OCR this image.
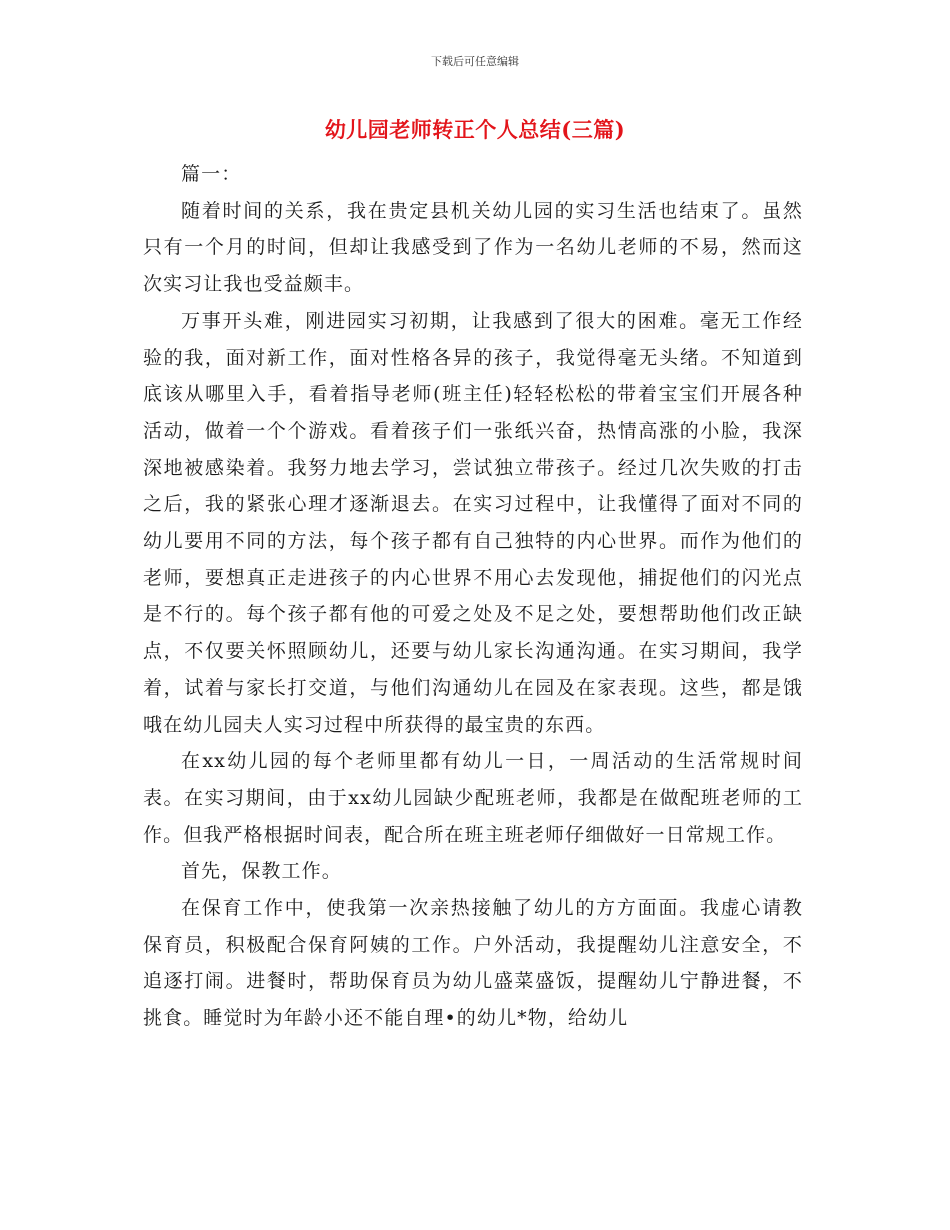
下载后可任意编辑
幼儿园老师转正个人总结(三篇)

篇一：

随着时间的关系，我在贵定县机关幼儿园的实习生活也结束了。虽然只有一个月的时间，但却让我感受到了作为一名幼儿老师的不易，然而这次实习让我也受益颇丰。

万事开头难，刚进园实习初期，让我感到了很大的困难。毫无工作经验的我，面对新工作，面对性格各异的孩子，我觉得毫无头绪。不知道到底该从哪里入手，看着指导老师(班主任)轻轻松松的带着宝宝们开展各种活动，做着一个个游戏。看着孩子们一张纸兴奋，热情高涨的小脸，我深深地被感染着。我努力地去学习，尝试独立带孩子。经过几次失败的打击之后，我的紧张心理才逐渐退去。在实习过程中，让我懂得了面对不同的幼儿要用不同的方法，每个孩子都有自己独特的内心世界。而作为他们的老师，要想真正走进孩子的内心世界不用心去发现他，捕捉他们的闪光点是不行的。每个孩子都有他的可爱之处及不足之处，要想帮助他们改正缺点，不仅要关怀照顾幼儿，还要与幼儿家长沟通沟通。在实习期间，我学着，试着与家长打交道，与他们沟通幼儿在园及在家表现。这些，都是饿哦在幼儿园夫人实习过程中所获得的最宝贵的东西。

在xx幼儿园的每个老师里都有幼儿一日，一周活动的生活常规时间表。在实习期间，由于xx幼儿园缺少配班老师，我都是在做配班老师的工作。但我严格根据时间表，配合所在班主班老师仔细做好一日常规工作。

首先，保教工作。

在保育工作中，使我第一次亲热接触了幼儿的方方面面。我虚心请教保育员，积极配合保育阿姨的工作。户外活动，我提醒幼儿注意安全，不追逐打闹。进餐时，帮助保育员为幼儿盛菜盛饭，提醒幼儿宁静进餐，不挑食。睡觉时为年龄小还不能自理•的幼儿*物，给幼儿
